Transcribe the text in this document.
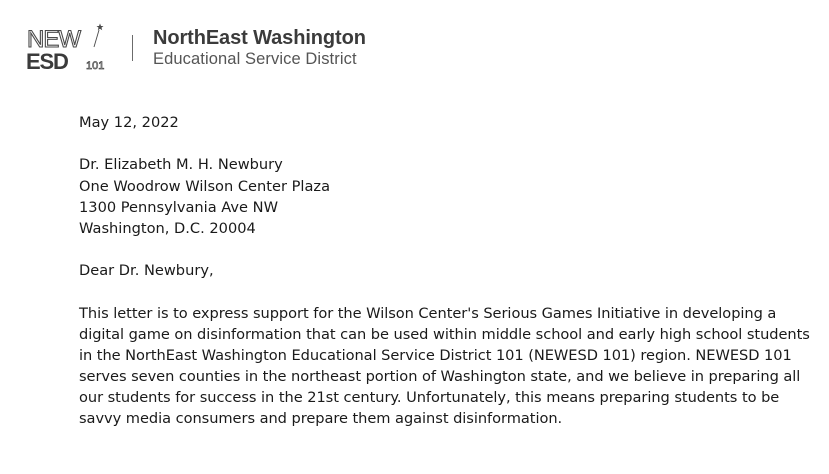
NEW
ESD 101
NorthEast Washington
Educational Service District

May 12, 2022

Dr. Elizabeth M. H. Newbury
One Woodrow Wilson Center Plaza
1300 Pennsylvania Ave NW
Washington, D.C. 20004

Dear Dr. Newbury,

This letter is to express support for the Wilson Center's Serious Games Initiative in developing a digital game on disinformation that can be used within middle school and early high school students in the NorthEast Washington Educational Service District 101 (NEWESD 101) region. NEWESD 101 serves seven counties in the northeast portion of Washington state, and we believe in preparing all our students for success in the 21st century. Unfortunately, this means preparing students to be savvy media consumers and prepare them against disinformation.
